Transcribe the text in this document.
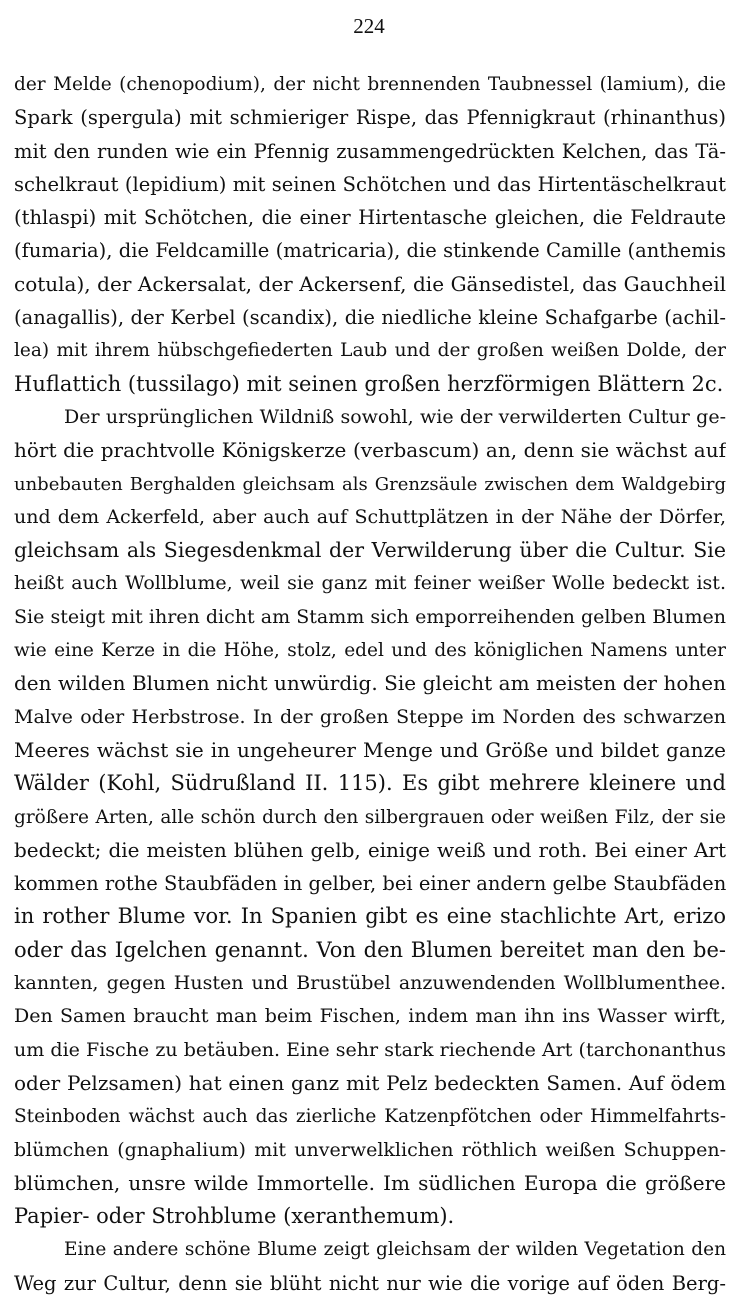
224
der Melde (chenopodium), der nicht brennenden Taubnessel (lamium), die
Spark (spergula) mit schmieriger Rispe, das Pfennigkraut (rhinanthus)
mit den runden wie ein Pfennig zusammengedrückten Kelchen, das Tä-
schelkraut (lepidium) mit seinen Schötchen und das Hirtentäschelkraut
(thlaspi) mit Schötchen, die einer Hirtentasche gleichen, die Feldraute
(fumaria), die Feldcamille (matricaria), die stinkende Camille (anthemis
cotula), der Ackersalat, der Ackersenf, die Gänsedistel, das Gauchheil
(anagallis), der Kerbel (scandix), die niedliche kleine Schafgarbe (achil-
lea) mit ihrem hübschgefiederten Laub und der großen weißen Dolde, der
Huflattich (tussilago) mit seinen großen herzförmigen Blättern 2c.
Der ursprünglichen Wildniß sowohl, wie der verwilderten Cultur ge-
hört die prachtvolle Königskerze (verbascum) an, denn sie wächst auf
unbebauten Berghalden gleichsam als Grenzsäule zwischen dem Waldgebirg
und dem Ackerfeld, aber auch auf Schuttplätzen in der Nähe der Dörfer,
gleichsam als Siegesdenkmal der Verwilderung über die Cultur. Sie
heißt auch Wollblume, weil sie ganz mit feiner weißer Wolle bedeckt ist.
Sie steigt mit ihren dicht am Stamm sich emporreihenden gelben Blumen
wie eine Kerze in die Höhe, stolz, edel und des königlichen Namens unter
den wilden Blumen nicht unwürdig. Sie gleicht am meisten der hohen
Malve oder Herbstrose. In der großen Steppe im Norden des schwarzen
Meeres wächst sie in ungeheurer Menge und Größe und bildet ganze
Wälder (Kohl, Südrußland II. 115). Es gibt mehrere kleinere und
größere Arten, alle schön durch den silbergrauen oder weißen Filz, der sie
bedeckt; die meisten blühen gelb, einige weiß und roth. Bei einer Art
kommen rothe Staubfäden in gelber, bei einer andern gelbe Staubfäden
in rother Blume vor. In Spanien gibt es eine stachlichte Art, erizo
oder das Igelchen genannt. Von den Blumen bereitet man den be-
kannten, gegen Husten und Brustübel anzuwendenden Wollblumenthee.
Den Samen braucht man beim Fischen, indem man ihn ins Wasser wirft,
um die Fische zu betäuben. Eine sehr stark riechende Art (tarchonanthus
oder Pelzsamen) hat einen ganz mit Pelz bedeckten Samen. Auf ödem
Steinboden wächst auch das zierliche Katzenpfötchen oder Himmelfahrts-
blümchen (gnaphalium) mit unverwelklichen röthlich weißen Schuppen-
blümchen, unsre wilde Immortelle. Im südlichen Europa die größere
Papier- oder Strohblume (xeranthemum).
Eine andere schöne Blume zeigt gleichsam der wilden Vegetation den
Weg zur Cultur, denn sie blüht nicht nur wie die vorige auf öden Berg-
